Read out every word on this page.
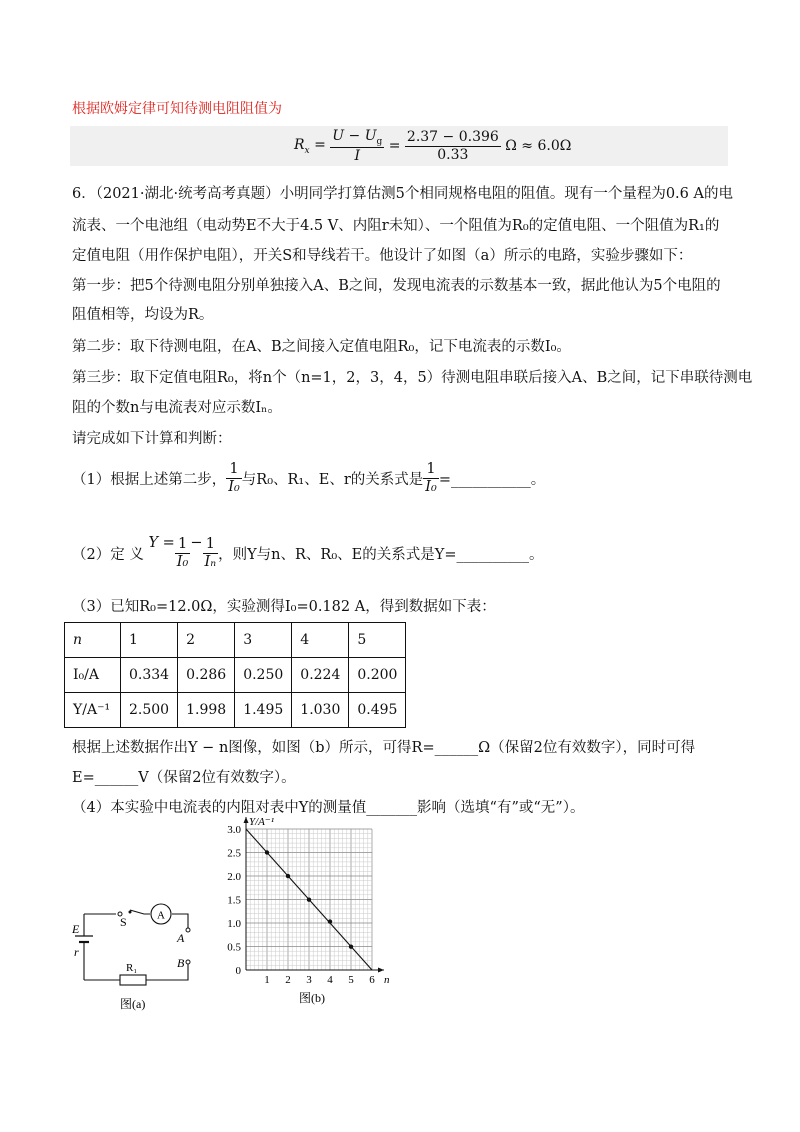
根据欧姆定律可知待测电阻阻值为
$R_x = \frac{U - U_g}{I} = \frac{2.37 - 0.396}{0.33}$
Ω ≈ 6.0Ω
6．（2021·湖北·统考高考真题）小明同学打算估测5个相同规格电阻的阻值。现有一个量程为0.6 A的电
流表、一个电池组（电动势E不大于4.5 V、内阻r未知）、一个阻值为R₀的定值电阻、一个阻值为R₁的
定值电阻（用作保护电阻），开关S和导线若干。他设计了如图（a）所示的电路，实验步骤如下：
第一步：把5个待测电阻分别单独接入A、B之间，发现电流表的示数基本一致，据此他认为5个电阻的
阻值相等，均设为R。
第二步：取下待测电阻，在A、B之间接入定值电阻R₀，记下电流表的示数I₀。
第三步：取下定值电阻R₀，将n个（n=1，2，3，4，5）待测电阻串联后接入A、B之间，记下串联待测电
阻的个数n与电流表对应示数Iₙ。
请完成如下计算和判断：
（1）根据上述第二步， $\frac{1}{\text{I₀}}$ 与R₀、R₁、E、r的关系式是 $\frac{1}{\text{I₀}}$ =___________。
（2）定 义

$Y = \frac{1}{\text{I₀}} - \frac{1}{\text{Iₙ}}$ ，则Y与n、R、R₀、E的关系式是Y=__________。
（3）已知R₀=12.0Ω，实验测得I₀=0.182 A，得到数据如下表：
n	1	2	3	4	5
I₀/A	0.334	0.286	0.250	0.224	0.200
Y/A⁻¹	2.500	1.998	1.495	1.030	0.495
根据上述数据作出Y − n图像，如图（b）所示，可得R=______Ω（保留2位有效数字），同时可得
E=______V（保留2位有效数字）。
（4）本实验中电流表的内阻对表中Y的测量值_______影响（选填“有”或“无”）。
A
S
A
B
E
r
R₁
图(a)
1 2 3 4 5 6
0
0.5
1.0
1.5
2.0
2.5
3.0
Y/A⁻¹
n
图(b)
